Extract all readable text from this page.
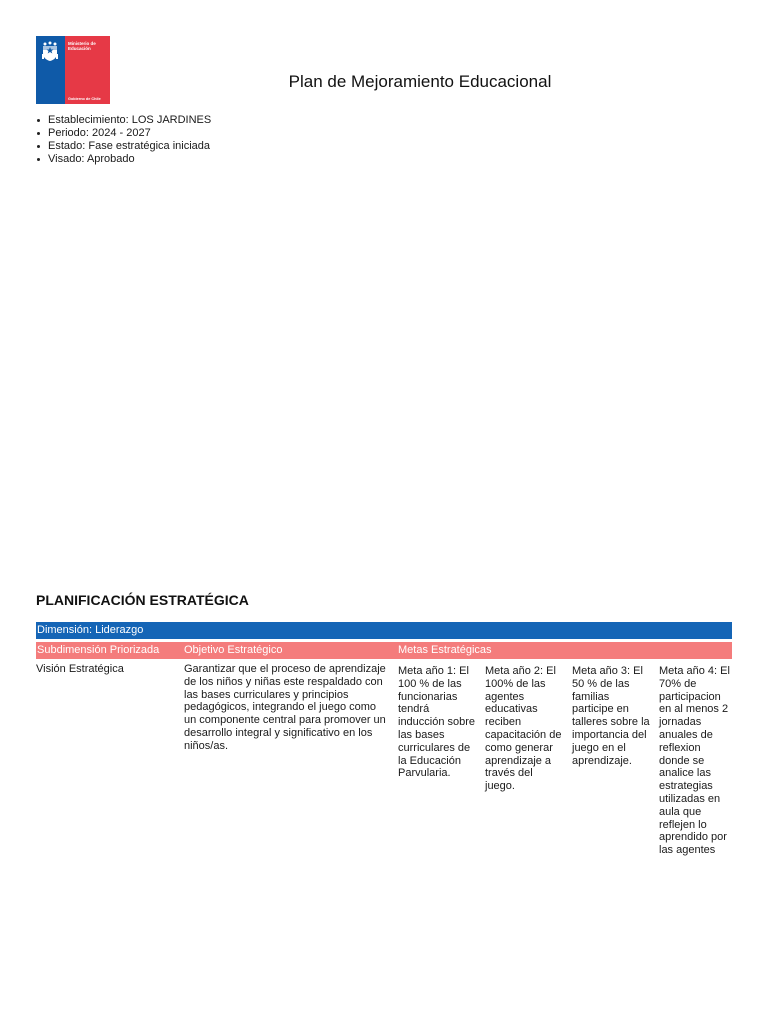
Ministerio de
Educación
Gobierno de Chile
Plan de Mejoramiento Educacional
Establecimiento: LOS JARDINES
Periodo: 2024 - 2027
Estado: Fase estratégica iniciada
Visado: Aprobado
PLANIFICACIÓN ESTRATÉGICA
Dimensión: Liderazgo
Subdimensión Priorizada Objetivo Estratégico	Metas Estratégicas
Visión Estratégica	Garantizar que el proceso de aprendizaje de los niños y niñas este respaldado con las bases curriculares y principios pedagógicos, integrando el juego como un componente central para promover un desarrollo integral y significativo en los niños/as.
Meta año 1: El 100 % de las funcionarias tendrá inducción sobre las bases curriculares de la Educación Parvularia.
Meta año 2: El 100% de las agentes educativas reciben capacitación de como generar aprendizaje a través del juego.
Meta año 3: El 50 % de las familias participe en talleres sobre la importancia del juego en el aprendizaje.
Meta año 4: El 70% de participacion en al menos 2 jornadas anuales de reflexion donde se analice las estrategias utilizadas en aula que reflejen lo aprendido por las agentes
